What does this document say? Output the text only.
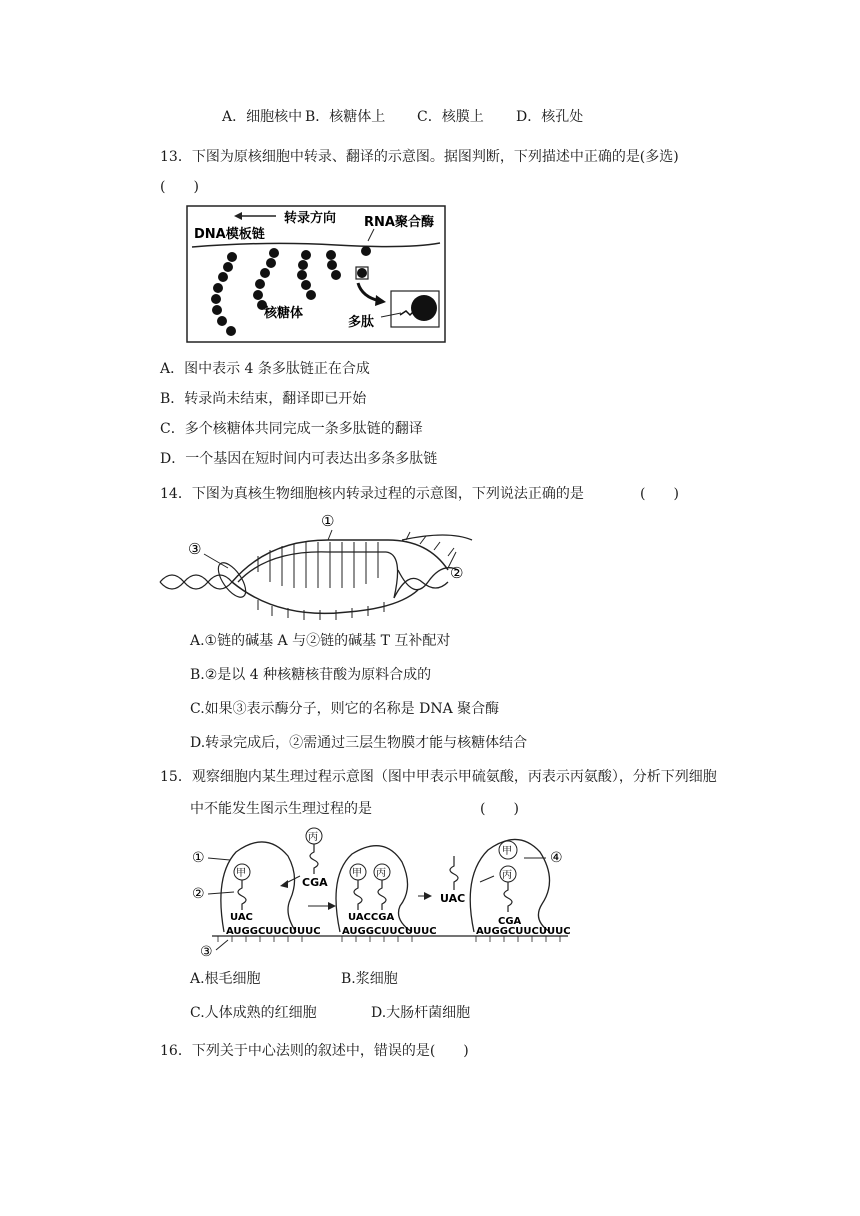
A．细胞核中 B．核糖体上 C．核膜上 D．核孔处
13．下图为原核细胞中转录、翻译的示意图。据图判断，下列描述中正确的是(多选)
(　　)
转录方向
DNA模板链
RNA聚合酶
核糖体
多肽
A．图中表示 4 条多肽链正在合成
B．转录尚未结束，翻译即已开始
C．多个核糖体共同完成一条多肽链的翻译
D．一个基因在短时间内可表达出多条多肽链
14．下图为真核生物细胞核内转录过程的示意图，下列说法正确的是	(　　)
①
③
②
A.①链的碱基 A 与②链的碱基 T 互补配对
B.②是以 4 种核糖核苷酸为原料合成的
C.如果③表示酶分子，则它的名称是 DNA 聚合酶
D.转录完成后，②需通过三层生物膜才能与核糖体结合
15．观察细胞内某生理过程示意图（图中甲表示甲硫氨酸，丙表示丙氨酸），分析下列细胞
中不能发生图示生理过程的是	(　　)
AUGGCUUCUUUC AUGGCUUCUUUC	AUGGCUUCUUUC
甲
UAC
丙
CGA
甲 丙
UACCGA
UAC
甲
丙
CGA
①
②
③
④
A.根毛细胞	B.浆细胞
C.人体成熟的红细胞	D.大肠杆菌细胞
16．下列关于中心法则的叙述中，错误的是(　　)
